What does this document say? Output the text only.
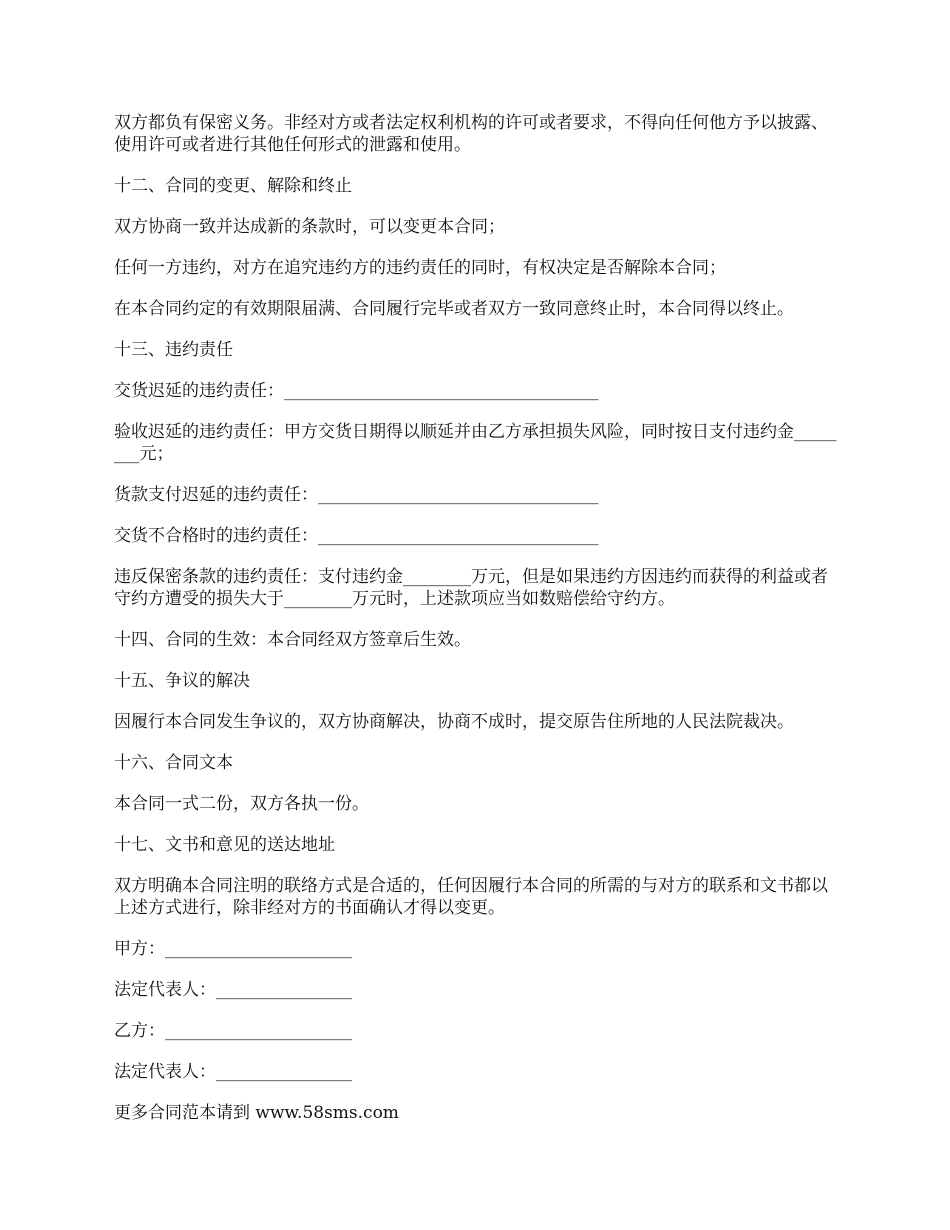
双方都负有保密义务。非经对方或者法定权利机构的许可或者要求，不得向任何他方予以披露、使用许可或者进行其他任何形式的泄露和使用。

十二、合同的变更、解除和终止

双方协商一致并达成新的条款时，可以变更本合同；

任何一方违约，对方在追究违约方的违约责任的同时，有权决定是否解除本合同；

在本合同约定的有效期限届满、合同履行完毕或者双方一致同意终止时，本合同得以终止。

十三、违约责任

交货迟延的违约责任：_____________________________________

验收迟延的违约责任：甲方交货日期得以顺延并由乙方承担损失风险，同时按日支付违约金________元；

货款支付迟延的违约责任：_________________________________

交货不合格时的违约责任：_________________________________

违反保密条款的违约责任：支付违约金________万元，但是如果违约方因违约而获得的利益或者守约方遭受的损失大于________万元时，上述款项应当如数赔偿给守约方。

十四、合同的生效：本合同经双方签章后生效。

十五、争议的解决

因履行本合同发生争议的，双方协商解决，协商不成时，提交原告住所地的人民法院裁决。

十六、合同文本

本合同一式二份，双方各执一份。

十七、文书和意见的送达地址

双方明确本合同注明的联络方式是合适的，任何因履行本合同的所需的与对方的联系和文书都以上述方式进行，除非经对方的书面确认才得以变更。

甲方：______________________

法定代表人：________________

乙方：______________________

法定代表人：________________

更多合同范本请到 www.58sms.com
